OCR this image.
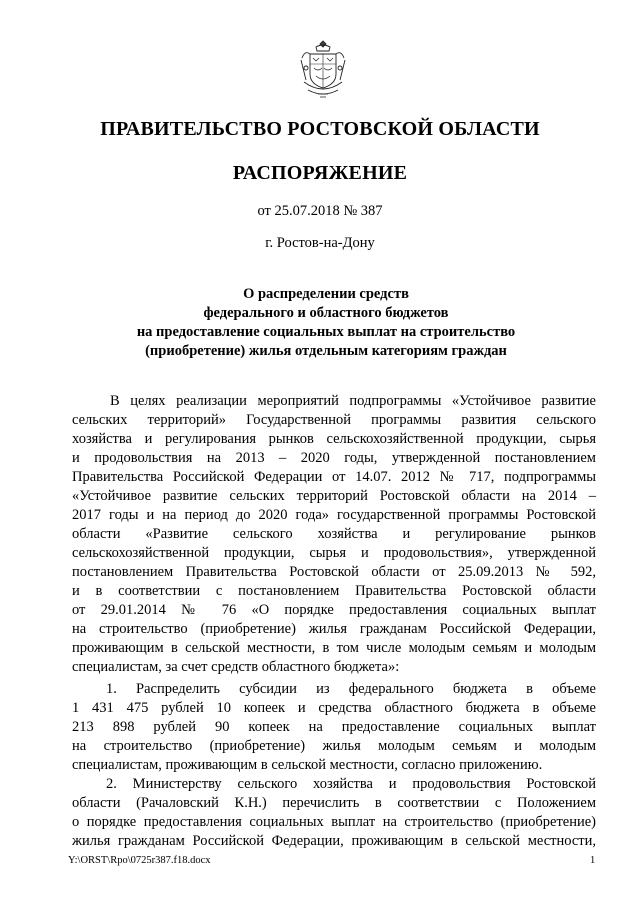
ПРАВИТЕЛЬСТВО РОСТОВСКОЙ ОБЛАСТИ
РАСПОРЯЖЕНИЕ
от 25.07.2018 № 387
г. Ростов-на-Дону
О распределении средств
федерального и областного бюджетов
на предоставление социальных выплат на строительство
(приобретение) жилья отдельным категориям граждан
В целях реализации мероприятий подпрограммы «Устойчивое развитие
сельских территорий» Государственной программы развития сельского
хозяйства и регулирования рынков сельскохозяйственной продукции, сырья
и продовольствия на 2013 – 2020 годы, утвержденной постановлением
Правительства Российской Федерации от 14.07. 2012 № 717, подпрограммы
«Устойчивое развитие сельских территорий Ростовской области на 2014 –
2017 годы и на период до 2020 года» государственной программы Ростовской
области «Развитие сельского хозяйства и регулирование рынков
сельскохозяйственной продукции, сырья и продовольствия», утвержденной
постановлением Правительства Ростовской области от 25.09.2013 № 592,
и в соответствии с постановлением Правительства Ростовской области
от 29.01.2014 № 76 «О порядке предоставления социальных выплат
на строительство (приобретение) жилья гражданам Российской Федерации,
проживающим в сельской местности, в том числе молодым семьям и молодым
специалистам, за счет средств областного бюджета»:
1. Распределить субсидии из федерального бюджета в объеме
1 431 475 рублей 10 копеек и средства областного бюджета в объеме
213 898 рублей 90 копеек на предоставление социальных выплат
на строительство (приобретение) жилья молодым семьям и молодым
специалистам, проживающим в сельской местности, согласно приложению.
2. Министерству сельского хозяйства и продовольствия Ростовской
области (Рачаловский К.Н.) перечислить в соответствии с Положением
о порядке предоставления социальных выплат на строительство (приобретение)
жилья гражданам Российской Федерации, проживающим в сельской местности,
Y:\ORST\Rpo\0725r387.f18.docx	1
